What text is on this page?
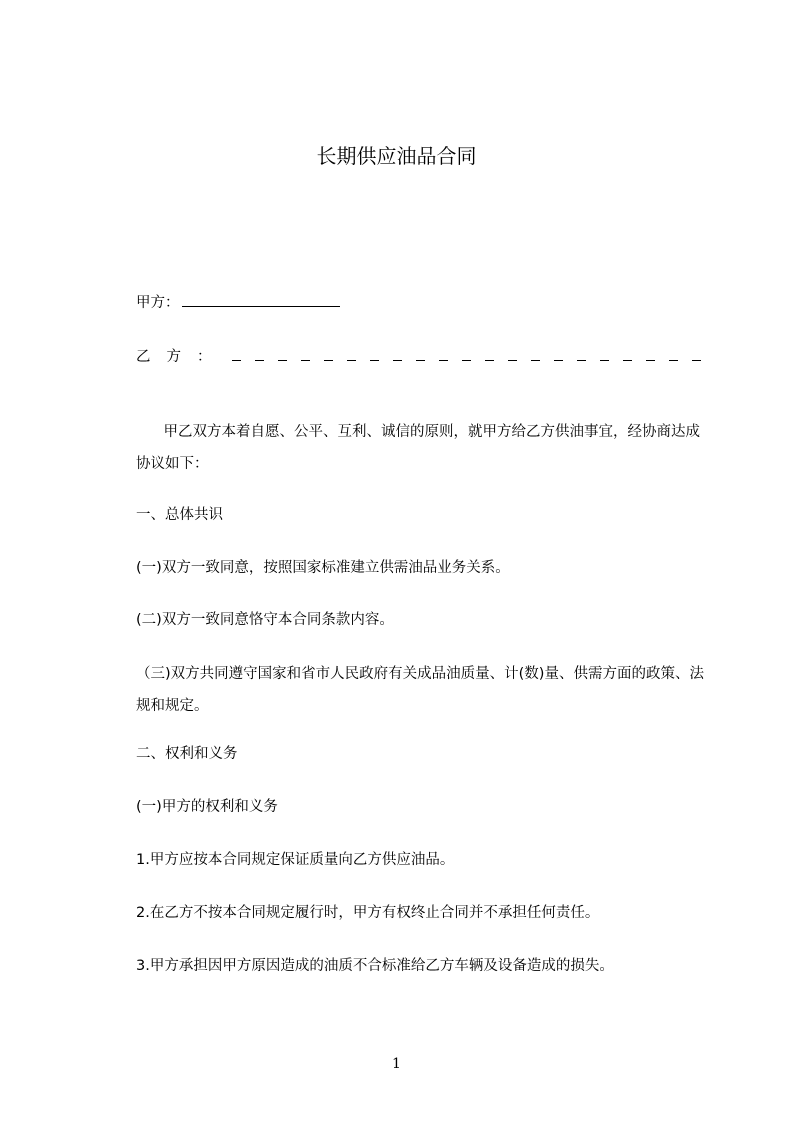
长期供应油品合同
甲方：
乙方：
甲乙双方本着自愿、公平、互利、诚信的原则，就甲方给乙方供油事宜，经协商达成协议如下：
一、总体共识
(一)双方一致同意，按照国家标准建立供需油品业务关系。
(二)双方一致同意恪守本合同条款内容。
（三)双方共同遵守国家和省市人民政府有关成品油质量、计(数)量、供需方面的政策、法规和规定。
二、权利和义务
(一)甲方的权利和义务
1.甲方应按本合同规定保证质量向乙方供应油品。
2.在乙方不按本合同规定履行时，甲方有权终止合同并不承担任何责任。
3.甲方承担因甲方原因造成的油质不合标准给乙方车辆及设备造成的损失。
1
